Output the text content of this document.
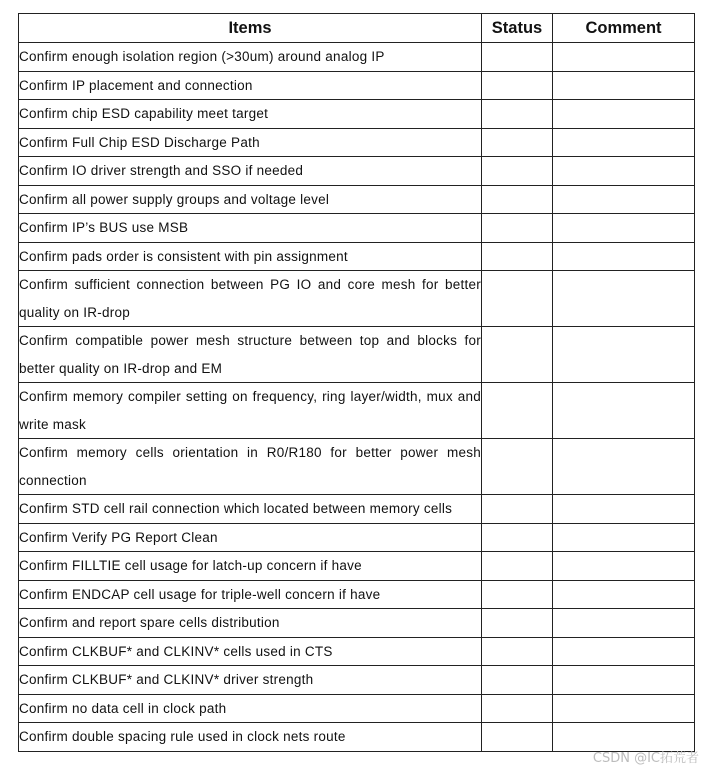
Items	Status	Comment
Confirm enough isolation region (>30um) around analog IP		
Confirm IP placement and connection		
Confirm chip ESD capability meet target		
Confirm Full Chip ESD Discharge Path		
Confirm IO driver strength and SSO if needed		
Confirm all power supply groups and voltage level		
Confirm IP’s BUS use MSB		
Confirm pads order is consistent with pin assignment		
Confirm sufficient connection between PG IO and core mesh for better quality on IR-drop		
Confirm compatible power mesh structure between top and blocks for better quality on IR-drop and EM		
Confirm memory compiler setting on frequency, ring layer/width, mux and write mask		
Confirm memory cells orientation in R0/R180 for better power mesh connection		
Confirm STD cell rail connection which located between memory cells		
Confirm Verify PG Report Clean		
Confirm FILLTIE cell usage for latch-up concern if have		
Confirm ENDCAP cell usage for triple-well concern if have		
Confirm and report spare cells distribution		
Confirm CLKBUF* and CLKINV* cells used in CTS		
Confirm CLKBUF* and CLKINV* driver strength		
Confirm no data cell in clock path		
Confirm double spacing rule used in clock nets route		
CSDN @IC拓荒者
